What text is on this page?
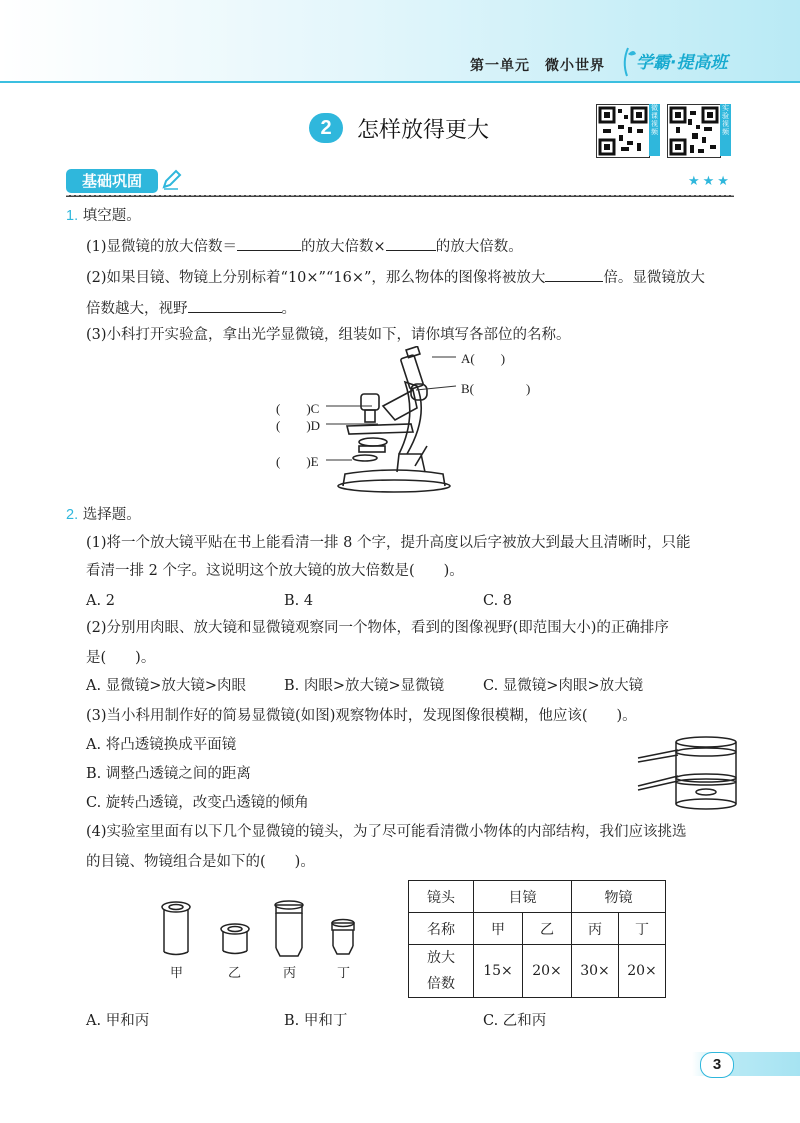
第一单元　微小世界 学霸·提高班
2	怎样放得更大
微课视频
实验视频
基础巩固	★★★
1. 填空题。
(1)显微镜的放大倍数＝	的放大倍数×	的放大倍数。
(2)如果目镜、物镜上分别标着“10×”“16×”，那么物体的图像将被放大	倍。显微镜放大
倍数越大，视野	。
(3)小科打开实验盒，拿出光学显微镜，组装如下，请你填写各部位的名称。
A(　　)
B(　　　　)
(　　)C
(　　)D
(　　)E
2. 选择题。
(1)将一个放大镜平贴在书上能看清一排 8 个字，提升高度以后字被放大到最大且清晰时，只能
看清一排 2 个字。这说明这个放大镜的放大倍数是(　　)。
A. 2	B. 4	C. 8
(2)分别用肉眼、放大镜和显微镜观察同一个物体，看到的图像视野(即范围大小)的正确排序
是(　　)。
A. 显微镜>放大镜>肉眼	B. 肉眼>放大镜>显微镜	C. 显微镜>肉眼>放大镜
(3)当小科用制作好的简易显微镜(如图)观察物体时，发现图像很模糊，他应该(　　)。
A. 将凸透镜换成平面镜
B. 调整凸透镜之间的距离
C. 旋转凸透镜，改变凸透镜的倾角
(4)实验室里面有以下几个显微镜的镜头，为了尽可能看清微小物体的内部结构，我们应该挑选
的目镜、物镜组合是如下的(　　)。
甲	乙	丙	丁
镜头	目镜		物镜	
名称	甲	乙	丙	丁

放大
倍数	15×	20×	30×	20×
A. 甲和丙	B. 甲和丁	C. 乙和丙
3
